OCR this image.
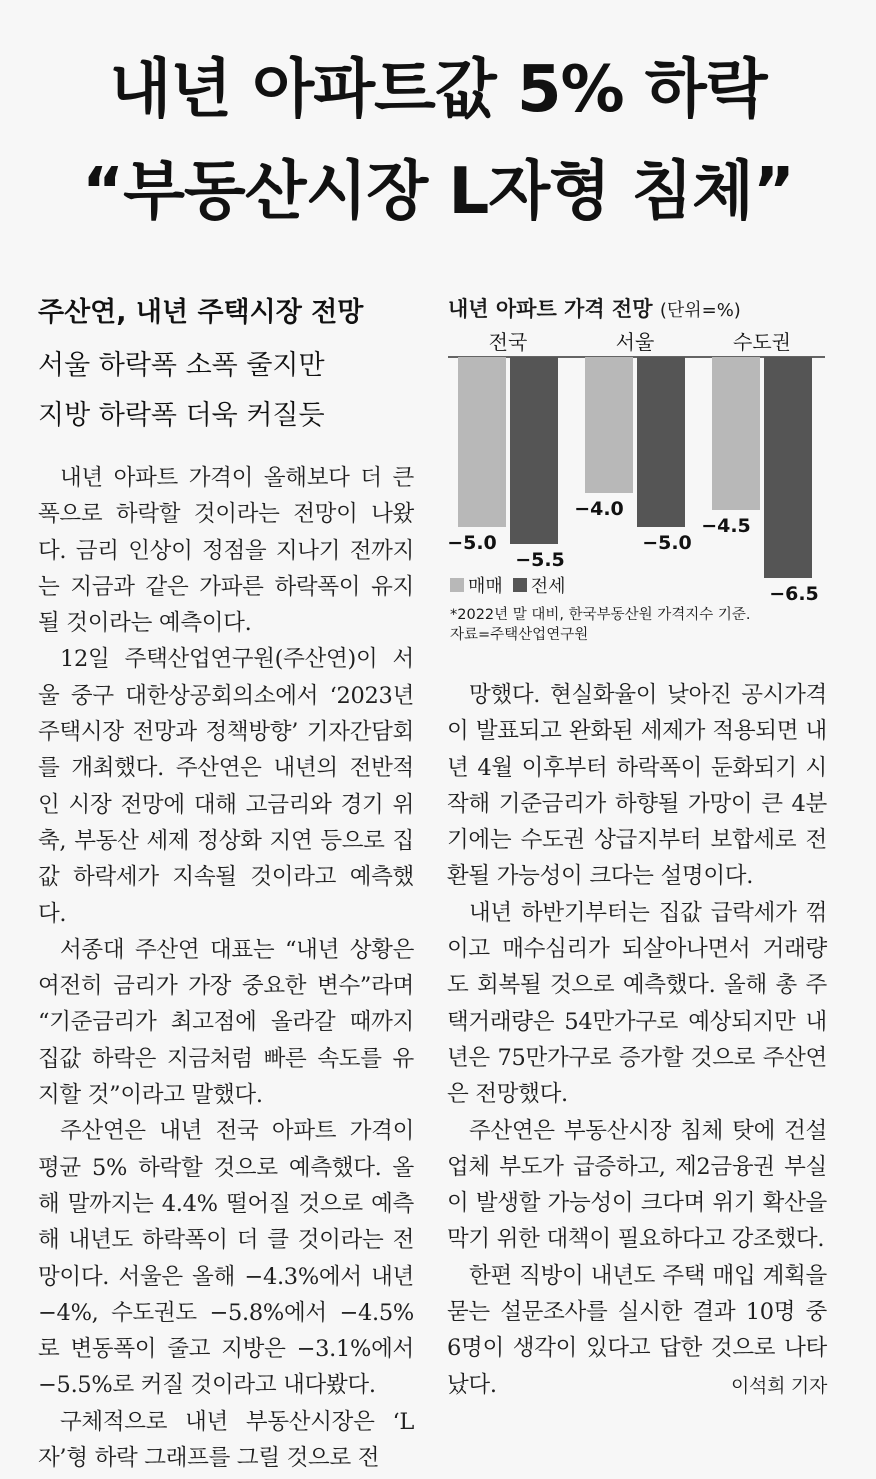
내년 아파트값 5% 하락
“부동산시장 L자형 침체”
주산연, 내년 주택시장 전망
서울 하락폭 소폭 줄지만
지방 하락폭 더욱 커질듯

내년 아파트 가격이 올해보다 더 큰 폭으로 하락할 것이라는 전망이 나왔다. 금리 인상이 정점을 지나기 전까지는 지금과 같은 가파른 하락폭이 유지될 것이라는 예측이다.

12일 주택산업연구원(주산연)이 서울 중구 대한상공회의소에서 ‘2023년 주택시장 전망과 정책방향’ 기자간담회를 개최했다. 주산연은 내년의 전반적인 시장 전망에 대해 고금리와 경기 위축, 부동산 세제 정상화 지연 등으로 집값 하락세가 지속될 것이라고 예측했다.

서종대 주산연 대표는 “내년 상황은 여전히 금리가 가장 중요한 변수”라며 “기준금리가 최고점에 올라갈 때까지 집값 하락은 지금처럼 빠른 속도를 유지할 것”이라고 말했다.

주산연은 내년 전국 아파트 가격이 평균 5% 하락할 것으로 예측했다. 올해 말까지는 4.4% 떨어질 것으로 예측해 내년도 하락폭이 더 클 것이라는 전망이다. 서울은 올해 −4.3%에서 내년 −4%, 수도권도 −5.8%에서 −4.5%로 변동폭이 줄고 지방은 −3.1%에서 −5.5%로 커질 것이라고 내다봤다.

구체적으로 내년 부동산시장은 ‘L자’형 하락 그래프를 그릴 것으로 전

망했다. 현실화율이 낮아진 공시가격이 발표되고 완화된 세제가 적용되면 내년 4월 이후부터 하락폭이 둔화되기 시작해 기준금리가 하향될 가망이 큰 4분기에는 수도권 상급지부터 보합세로 전환될 가능성이 크다는 설명이다.

내년 하반기부터는 집값 급락세가 꺾이고 매수심리가 되살아나면서 거래량도 회복될 것으로 예측했다. 올해 총 주택거래량은 54만가구로 예상되지만 내년은 75만가구로 증가할 것으로 주산연은 전망했다.

주산연은 부동산시장 침체 탓에 건설업체 부도가 급증하고, 제2금융권 부실이 발생할 가능성이 크다며 위기 확산을 막기 위한 대책이 필요하다고 강조했다.

한편 직방이 내년도 주택 매입 계획을 묻는 설문조사를 실시한 결과 10명 중 6명이 생각이 있다고 답한 것으로 나타났다.	이석희 기자
내년 아파트 가격 전망 (단위=%)
전국
−5.0
−5.5
서울
−4.0
−5.0
수도권
−4.5
−6.5
매매 전세
*2022년 말 대비, 한국부동산원 가격지수 기준.
자료=주택산업연구원
